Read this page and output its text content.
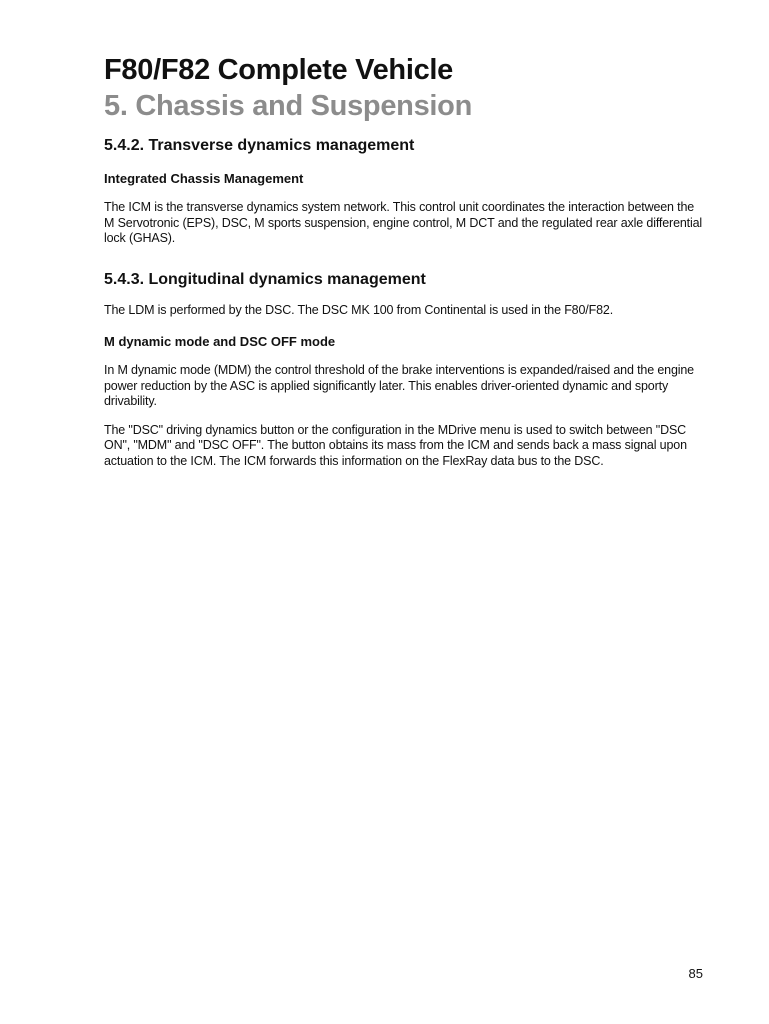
F80/F82 Complete Vehicle
5. Chassis and Suspension
5.4.2. Transverse dynamics management
Integrated Chassis Management

The ICM is the transverse dynamics system network. This control unit coordinates the interaction between the M Servotronic (EPS), DSC, M sports suspension, engine control, M DCT and the regulated rear axle differential lock (GHAS).

5.4.3. Longitudinal dynamics management

The LDM is performed by the DSC. The DSC MK 100 from Continental is used in the F80/F82.

M dynamic mode and DSC OFF mode

In M dynamic mode (MDM) the control threshold of the brake interventions is expanded/raised and the engine power reduction by the ASC is applied significantly later. This enables driver-oriented dynamic and sporty drivability.

The "DSC" driving dynamics button or the configuration in the MDrive menu is used to switch between "DSC ON", "MDM" and "DSC OFF". The button obtains its mass from the ICM and sends back a mass signal upon actuation to the ICM. The ICM forwards this information on the FlexRay data bus to the DSC.

85
